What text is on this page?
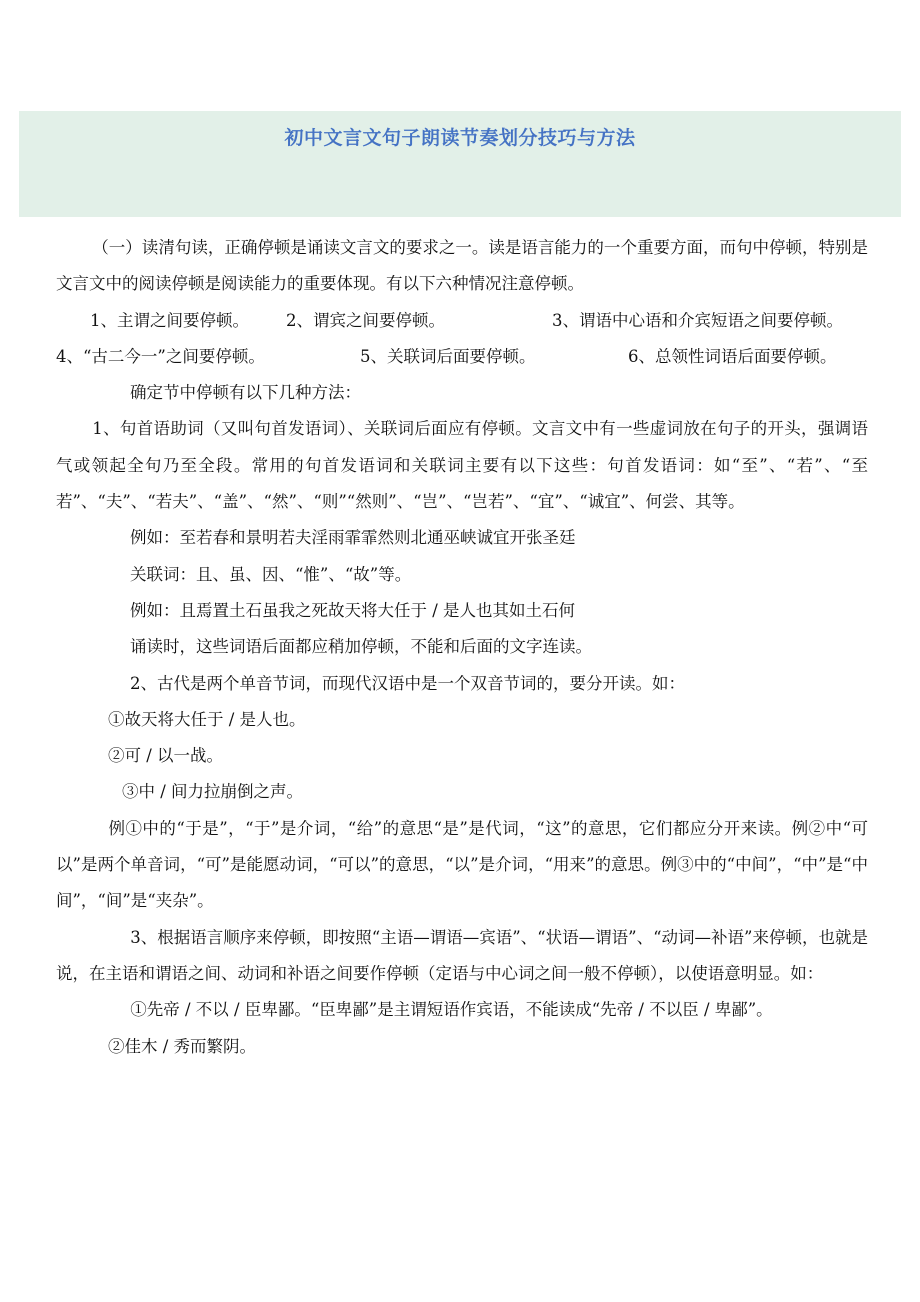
初中文言文句子朗读节奏划分技巧与方法

（一）读清句读，正确停顿是诵读文言文的要求之一。读是语言能力的一个重要方面，而句中停顿，特别是文言文中的阅读停顿是阅读能力的重要体现。有以下六种情况注意停顿。

1、主谓之间要停顿。	2、谓宾之间要停顿。	3、谓语中心语和介宾短语之间要停顿。
4、“古二今一”之间要停顿。	5、关联词后面要停顿。	6、总领性词语后面要停顿。

确定节中停顿有以下几种方法：

1、句首语助词（又叫句首发语词）、关联词后面应有停顿。文言文中有一些虚词放在句子的开头，强调语气或领起全句乃至全段。常用的句首发语词和关联词主要有以下这些：句首发语词：如“至”、“若”、“至若”、“夫”、“若夫”、“盖”、“然”、“则”“然则”、“岂”、“岂若”、“宜”、“诚宜”、何尝、其等。

例如：至若春和景明若夫淫雨霏霏然则北通巫峡诚宜开张圣廷

关联词：且、虽、因、“惟”、“故”等。

例如：且焉置土石虽我之死故天将大任于 / 是人也其如土石何

诵读时，这些词语后面都应稍加停顿，不能和后面的文字连读。

2、古代是两个单音节词，而现代汉语中是一个双音节词的，要分开读。如：

①故天将大任于 / 是人也。

②可 / 以一战。

③中 / 间力拉崩倒之声。

例①中的“于是”，“于”是介词，“给”的意思“是”是代词，“这”的意思，它们都应分开来读。例②中“可以”是两个单音词，“可”是能愿动词，“可以”的意思，“以”是介词，“用来”的意思。例③中的“中间”，“中”是“中间”，“间”是“夹杂”。

3、根据语言顺序来停顿，即按照“主语—谓语—宾语”、“状语—谓语”、“动词—补语”来停顿，也就是说，在主语和谓语之间、动词和补语之间要作停顿（定语与中心词之间一般不停顿），以使语意明显。如：

①先帝 / 不以 / 臣卑鄙。“臣卑鄙”是主谓短语作宾语，不能读成“先帝 / 不以臣 / 卑鄙”。

②佳木 / 秀而繁阴。
